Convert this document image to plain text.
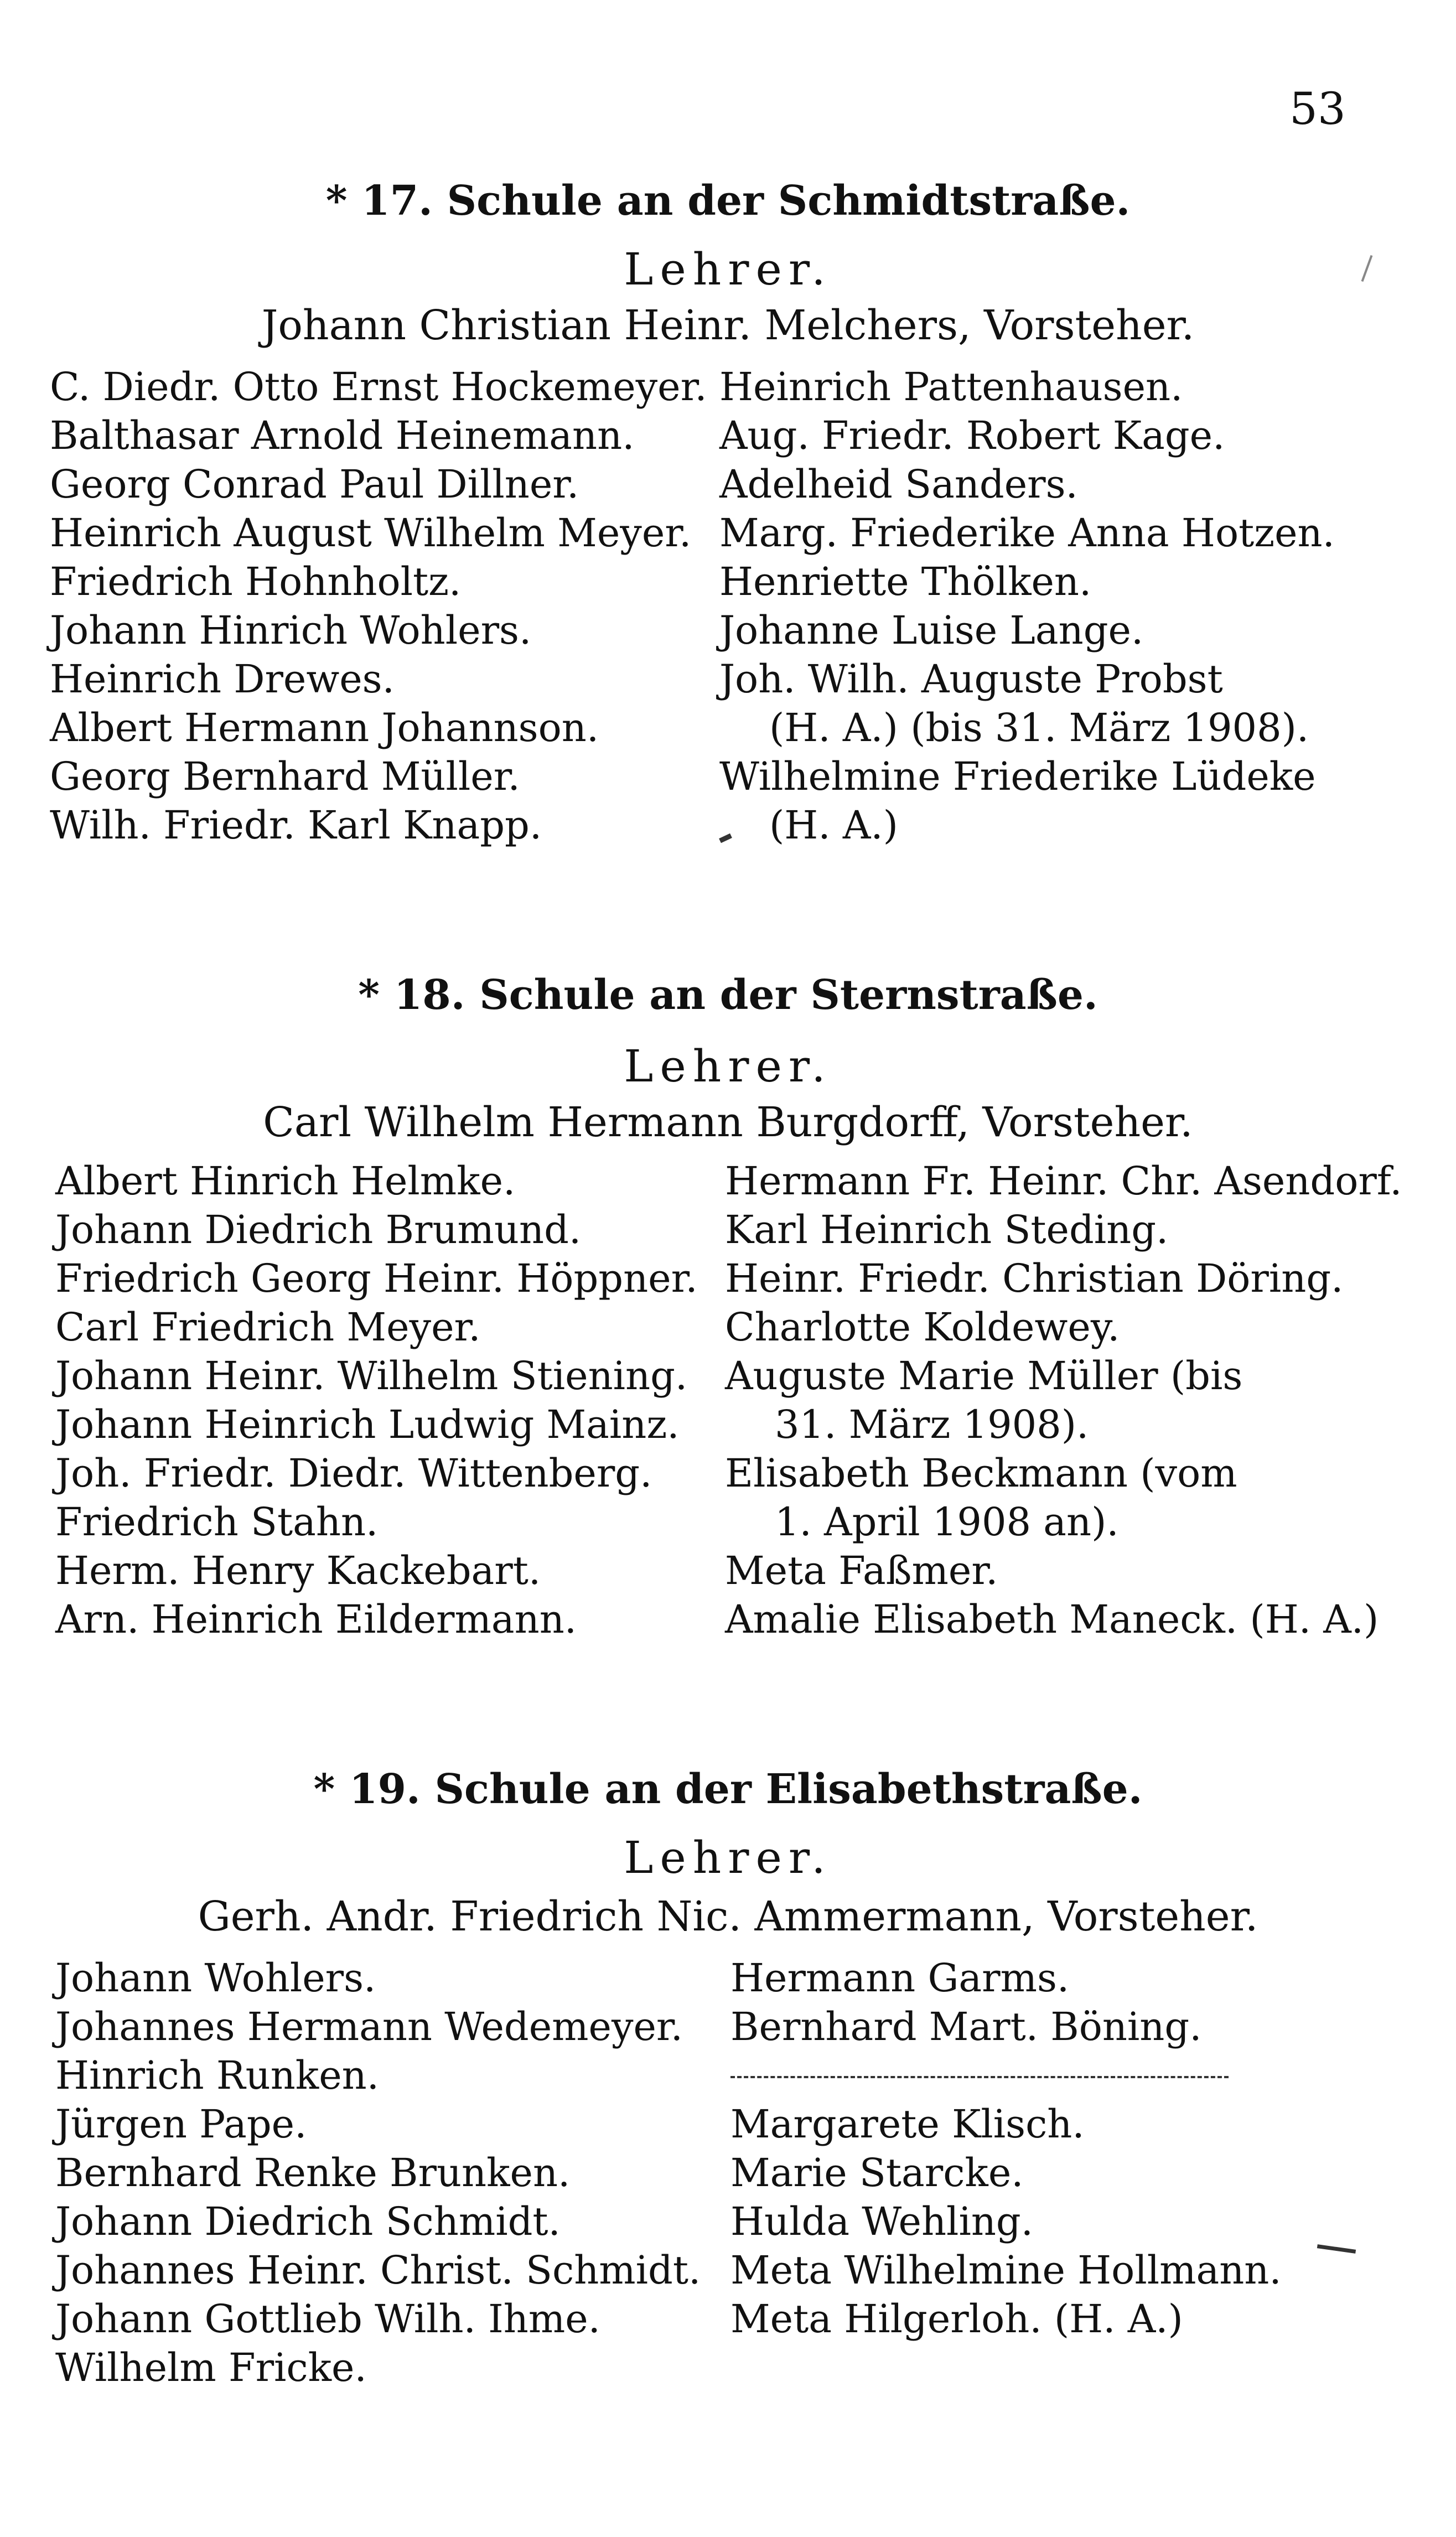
53
* 17. Schule an der Schmidtstraße.
Lehrer.
Johann Christian Heinr. Melchers, Vorsteher.
C. Diedr. Otto Ernst Hockemeyer.
Balthasar Arnold Heinemann.
Georg Conrad Paul Dillner.
Heinrich August Wilhelm Meyer.
Friedrich Hohnholtz.
Johann Hinrich Wohlers.
Heinrich Drewes.
Albert Hermann Johannson.
Georg Bernhard Müller.
Wilh. Friedr. Karl Knapp.
Heinrich Pattenhausen.
Aug. Friedr. Robert Kage.
Adelheid Sanders.
Marg. Friederike Anna Hotzen.
Henriette Thölken.
Johanne Luise Lange.
Joh. Wilh. Auguste Probst
(H. A.) (bis 31. März 1908).
Wilhelmine Friederike Lüdeke
(H. A.)
* 18. Schule an der Sternstraße.
Lehrer.
Carl Wilhelm Hermann Burgdorff, Vorsteher.
Albert Hinrich Helmke.
Johann Diedrich Brumund.
Friedrich Georg Heinr. Höppner.
Carl Friedrich Meyer.
Johann Heinr. Wilhelm Stiening.
Johann Heinrich Ludwig Mainz.
Joh. Friedr. Diedr. Wittenberg.
Friedrich Stahn.
Herm. Henry Kackebart.
Arn. Heinrich Eildermann.
Hermann Fr. Heinr. Chr. Asendorf.
Karl Heinrich Steding.
Heinr. Friedr. Christian Döring.
Charlotte Koldewey.
Auguste Marie Müller (bis
31. März 1908).
Elisabeth Beckmann (vom
1. April 1908 an).
Meta Faßmer.
Amalie Elisabeth Maneck. (H. A.)
* 19. Schule an der Elisabethstraße.
Lehrer.
Gerh. Andr. Friedrich Nic. Ammermann, Vorsteher.
Johann Wohlers.
Johannes Hermann Wedemeyer.
Hinrich Runken.
Jürgen Pape.
Bernhard Renke Brunken.
Johann Diedrich Schmidt.
Johannes Heinr. Christ. Schmidt.
Johann Gottlieb Wilh. Ihme.
Wilhelm Fricke.
Hermann Garms.
Bernhard Mart. Böning.
Margarete Klisch.
Marie Starcke.
Hulda Wehling.
Meta Wilhelmine Hollmann.
Meta Hilgerloh. (H. A.)
